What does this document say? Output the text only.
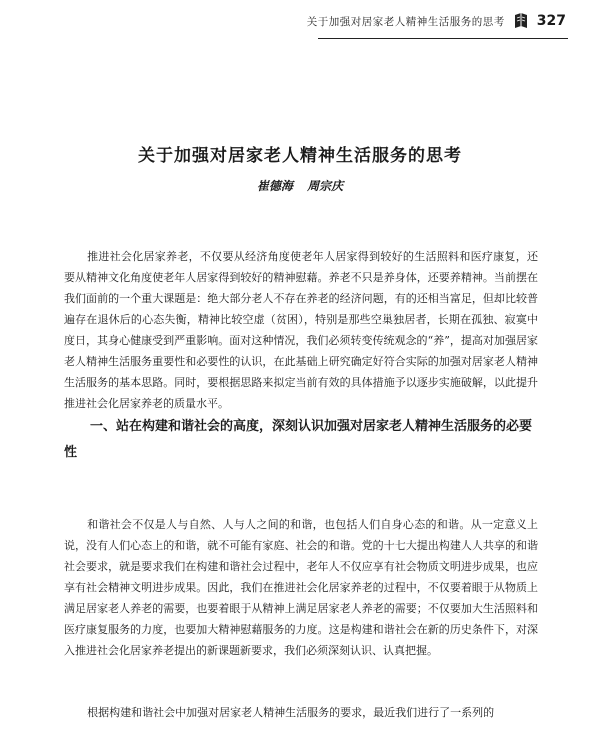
关于加强对居家老人精神生活服务的思考 327
关于加强对居家老人精神生活服务的思考
崔德海 周宗庆

推进社会化居家养老，不仅要从经济角度使老年人居家得到较好的生活照料和医疗康复，还要从精神文化角度使老年人居家得到较好的精神慰藉。养老不只是养身体，还要养精神。当前摆在我们面前的一个重大课题是：绝大部分老人不存在养老的经济问题，有的还相当富足，但却比较普遍存在退休后的心态失衡，精神比较空虚（贫困），特别是那些空巢独居者，长期在孤独、寂寞中度日，其身心健康受到严重影响。面对这种情况，我们必须转变传统观念的“养”，提高对加强居家老人精神生活服务重要性和必要性的认识，在此基础上研究确定好符合实际的加强对居家老人精神生活服务的基本思路。同时，要根据思路来拟定当前有效的具体措施予以逐步实施破解，以此提升推进社会化居家养老的质量水平。

一、站在构建和谐社会的高度，深刻认识加强对居家老人精神生活服务的必要性

和谐社会不仅是人与自然、人与人之间的和谐，也包括人们自身心态的和谐。从一定意义上说，没有人们心态上的和谐，就不可能有家庭、社会的和谐。党的十七大提出构建人人共享的和谐社会要求，就是要求我们在构建和谐社会过程中，老年人不仅应享有社会物质文明进步成果，也应享有社会精神文明进步成果。因此，我们在推进社会化居家养老的过程中，不仅要着眼于从物质上满足居家老人养老的需要，也要着眼于从精神上满足居家老人养老的需要；不仅要加大生活照料和医疗康复服务的力度，也要加大精神慰藉服务的力度。这是构建和谐社会在新的历史条件下，对深入推进社会化居家养老提出的新课题新要求，我们必须深刻认识、认真把握。

根据构建和谐社会中加强对居家老人精神生活服务的要求，最近我们进行了一系列的
